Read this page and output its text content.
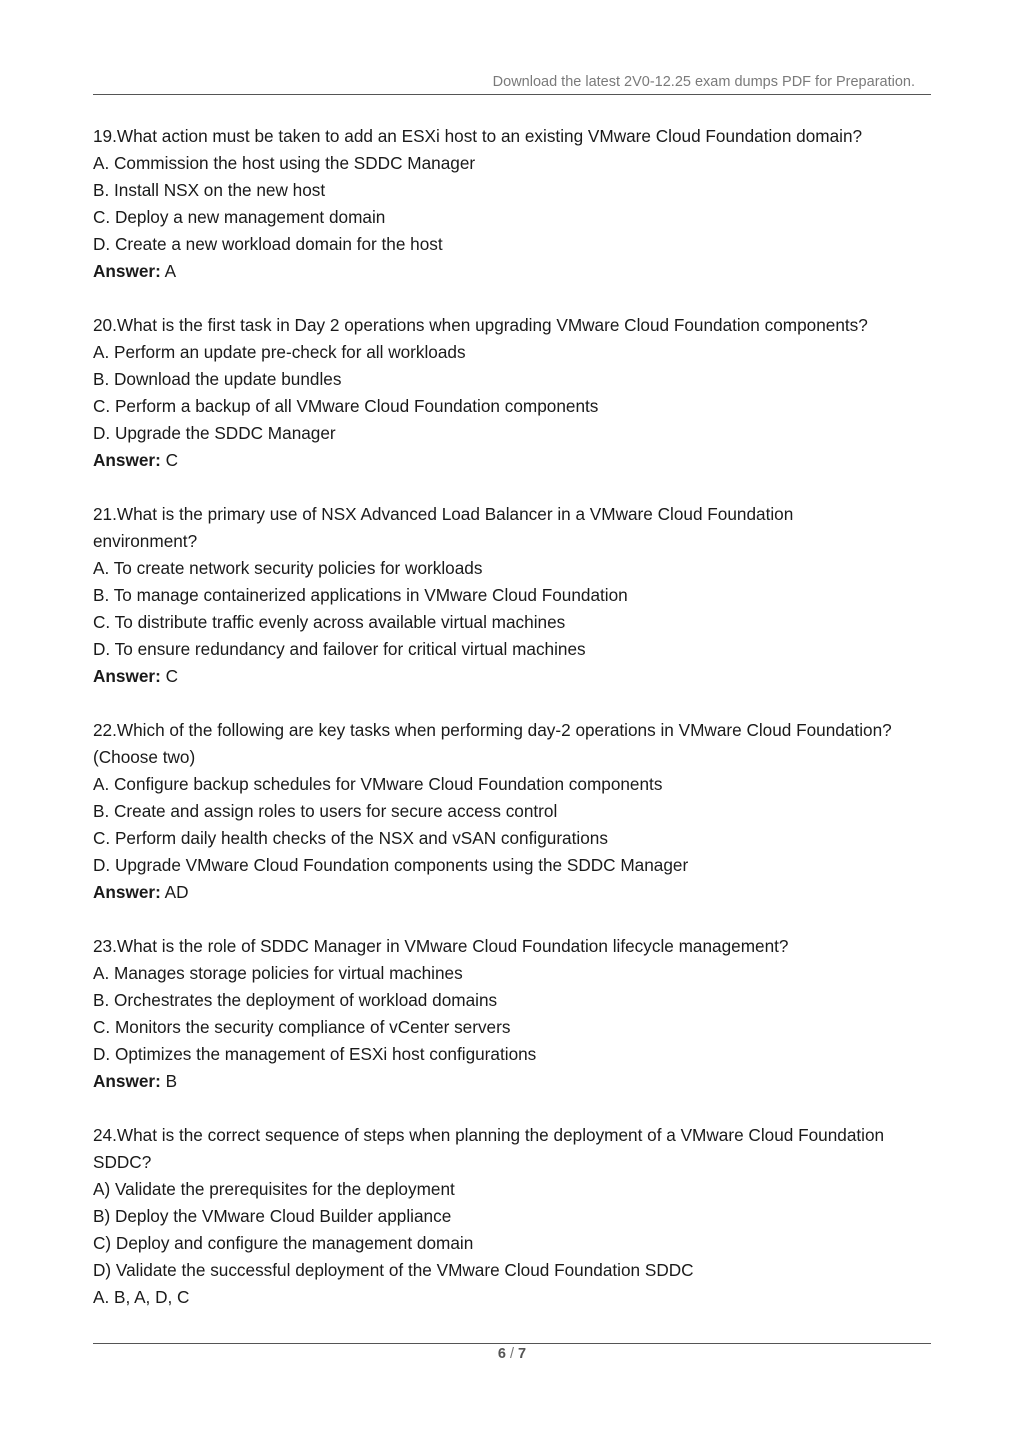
Download the latest 2V0-12.25 exam dumps PDF for Preparation.
19.What action must be taken to add an ESXi host to an existing VMware Cloud Foundation domain?
A. Commission the host using the SDDC Manager
B. Install NSX on the new host
C. Deploy a new management domain
D. Create a new workload domain for the host
Answer: A
20.What is the first task in Day 2 operations when upgrading VMware Cloud Foundation components?
A. Perform an update pre-check for all workloads
B. Download the update bundles
C. Perform a backup of all VMware Cloud Foundation components
D. Upgrade the SDDC Manager
Answer: C
21.What is the primary use of NSX Advanced Load Balancer in a VMware Cloud Foundation
environment?
A. To create network security policies for workloads
B. To manage containerized applications in VMware Cloud Foundation
C. To distribute traffic evenly across available virtual machines
D. To ensure redundancy and failover for critical virtual machines
Answer: C
22.Which of the following are key tasks when performing day-2 operations in VMware Cloud Foundation?
(Choose two)
A. Configure backup schedules for VMware Cloud Foundation components
B. Create and assign roles to users for secure access control
C. Perform daily health checks of the NSX and vSAN configurations
D. Upgrade VMware Cloud Foundation components using the SDDC Manager
Answer: AD
23.What is the role of SDDC Manager in VMware Cloud Foundation lifecycle management?
A. Manages storage policies for virtual machines
B. Orchestrates the deployment of workload domains
C. Monitors the security compliance of vCenter servers
D. Optimizes the management of ESXi host configurations
Answer: B
24.What is the correct sequence of steps when planning the deployment of a VMware Cloud Foundation
SDDC?
A) Validate the prerequisites for the deployment
B) Deploy the VMware Cloud Builder appliance
C) Deploy and configure the management domain
D) Validate the successful deployment of the VMware Cloud Foundation SDDC
A. B, A, D, C
6 / 7
